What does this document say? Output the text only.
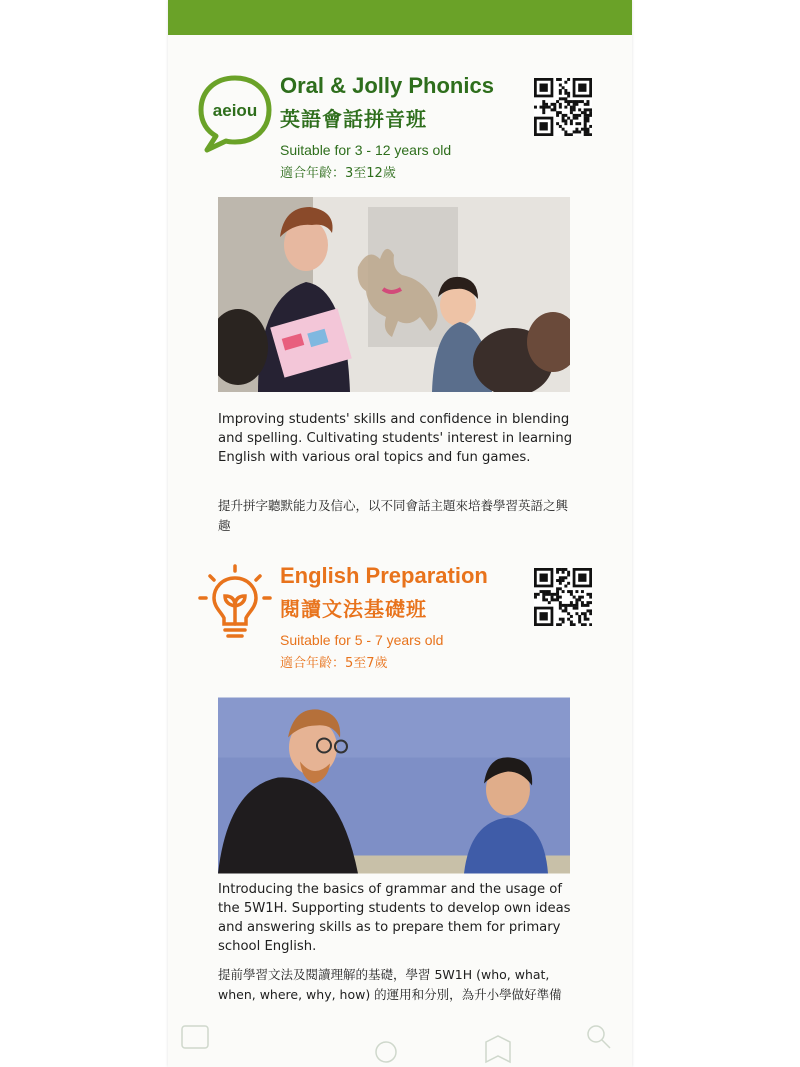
aeiou
Oral & Jolly Phonics
英語會話拼音班
Suitable for 3 - 12 years old
適合年齡：3至12歲
Improving students' skills and confidence in blending and spelling. Cultivating students' interest in learning English with various oral topics and fun games.
提升拼字聽默能力及信心，以不同會話主題來培養學習英語之興趣
English Preparation
閱讀文法基礎班
Suitable for 5 - 7 years old
適合年齡：5至7歲
Introducing the basics of grammar and the usage of the 5W1H. Supporting students to develop own ideas and answering skills as to prepare them for primary school English.
提前學習文法及閱讀理解的基礎，學習 5W1H (who, what, when, where, why, how) 的運用和分別，為升小學做好準備
